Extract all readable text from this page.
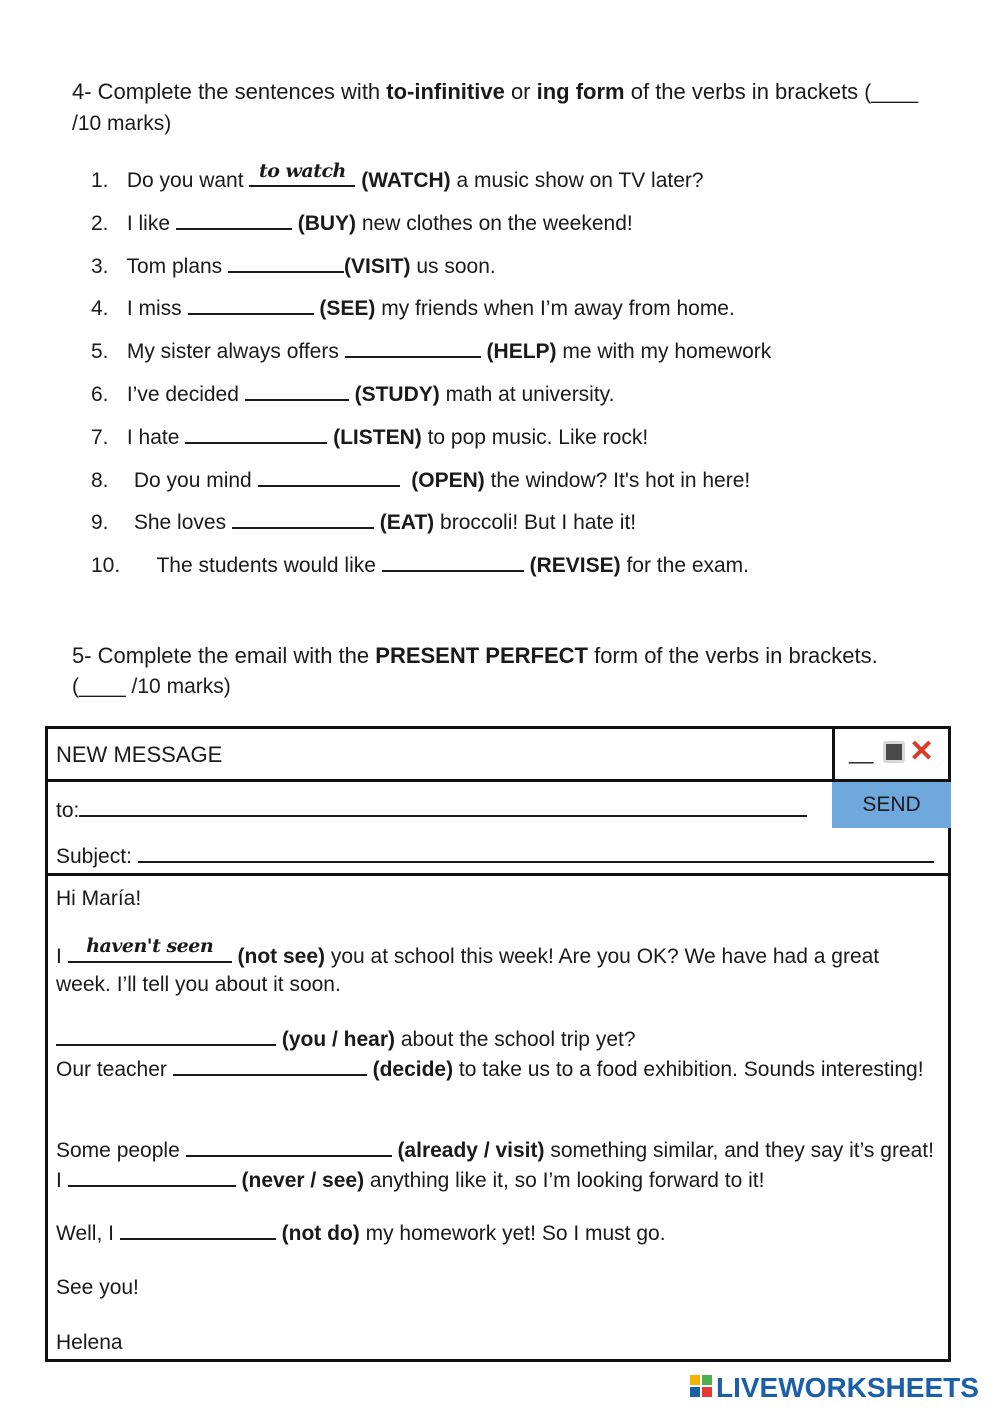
4- Complete the sentences with to-infinitive or ing form of the verbs in brackets (____ /10 marks)
1. Do you want to watch (WATCH) a music show on TV later?
2. I like	(BUY) new clothes on the weekend!
3. Tom plans	(VISIT) us soon.
4. I miss	(SEE) my friends when I’m away from home.
5. My sister always offers	(HELP) me with my homework
6. I’ve decided	(STUDY) math at university.
7. I hate	(LISTEN) to pop music. Like rock!
8. Do you mind	(OPEN) the window? It's hot in here!
9. She loves	(EAT) broccoli! But I hate it!
10. The students would like	(REVISE) for the exam.
5- Complete the email with the PRESENT PERFECT form of the verbs in brackets. (____ /10 marks)
NEW MESSAGE	__ ✕
to:	SEND
Subject:
Hi María!
I haven't seen	(not see) you at school this week! Are you OK? We have had a great week. I’ll tell you about it soon.
(you / hear) about the school trip yet?
Our teacher	(decide) to take us to a food exhibition. Sounds interesting!
Some people	(already / visit) something similar, and they say it’s great! I	(never / see) anything like it, so I’m looking forward to it!
Well, I	(not do) my homework yet! So I must go.
See you!
Helena
LIVEWORKSHEETS
